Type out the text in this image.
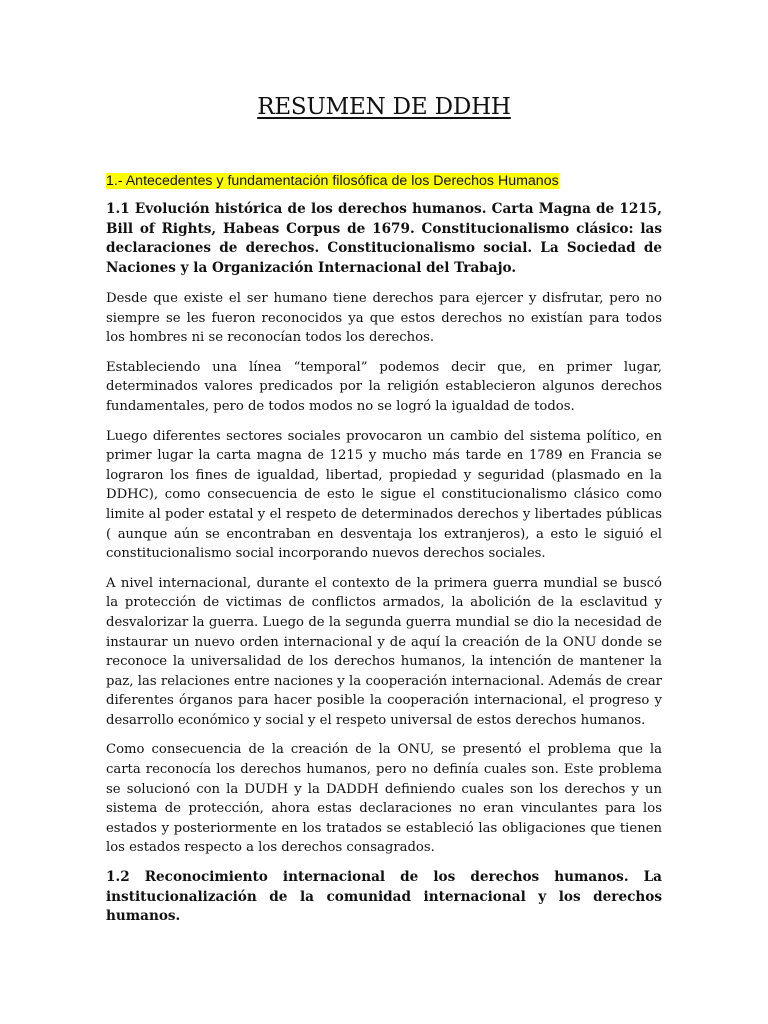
RESUMEN DE DDHH

1.- Antecedentes y fundamentación filosófica de los Derechos Humanos

1.1 Evolución histórica de los derechos humanos. Carta Magna de 1215, Bill of Rights, Habeas Corpus de 1679. Constitucionalismo clásico: las declaraciones de derechos. Constitucionalismo social. La Sociedad de Naciones y la Organización Internacional del Trabajo.

Desde que existe el ser humano tiene derechos para ejercer y disfrutar, pero no siempre se les fueron reconocidos ya que estos derechos no existían para todos los hombres ni se reconocían todos los derechos.

Estableciendo una línea “temporal” podemos decir que, en primer lugar, determinados valores predicados por la religión establecieron algunos derechos fundamentales, pero de todos modos no se logró la igualdad de todos.

Luego diferentes sectores sociales provocaron un cambio del sistema político, en primer lugar la carta magna de 1215 y mucho más tarde en 1789 en Francia se lograron los fines de igualdad, libertad, propiedad y seguridad (plasmado en la DDHC), como consecuencia de esto le sigue el constitucionalismo clásico como limite al poder estatal y el respeto de determinados derechos y libertades públicas ( aunque aún se encontraban en desventaja los extranjeros), a esto le siguió el constitucionalismo social incorporando nuevos derechos sociales.

A nivel internacional, durante el contexto de la primera guerra mundial se buscó la protección de victimas de conflictos armados, la abolición de la esclavitud y desvalorizar la guerra. Luego de la segunda guerra mundial se dio la necesidad de instaurar un nuevo orden internacional y de aquí la creación de la ONU donde se reconoce la universalidad de los derechos humanos, la intención de mantener la paz, las relaciones entre naciones y la cooperación internacional. Además de crear diferentes órganos para hacer posible la cooperación internacional, el progreso y desarrollo económico y social y el respeto universal de estos derechos humanos.

Como consecuencia de la creación de la ONU, se presentó el problema que la carta reconocía los derechos humanos, pero no definía cuales son. Este problema se solucionó con la DUDH y la DADDH definiendo cuales son los derechos y un sistema de protección, ahora estas declaraciones no eran vinculantes para los estados y posteriormente en los tratados se estableció las obligaciones que tienen los estados respecto a los derechos consagrados.

1.2 Reconocimiento internacional de los derechos humanos. La institucionalización de la comunidad internacional y los derechos humanos.
